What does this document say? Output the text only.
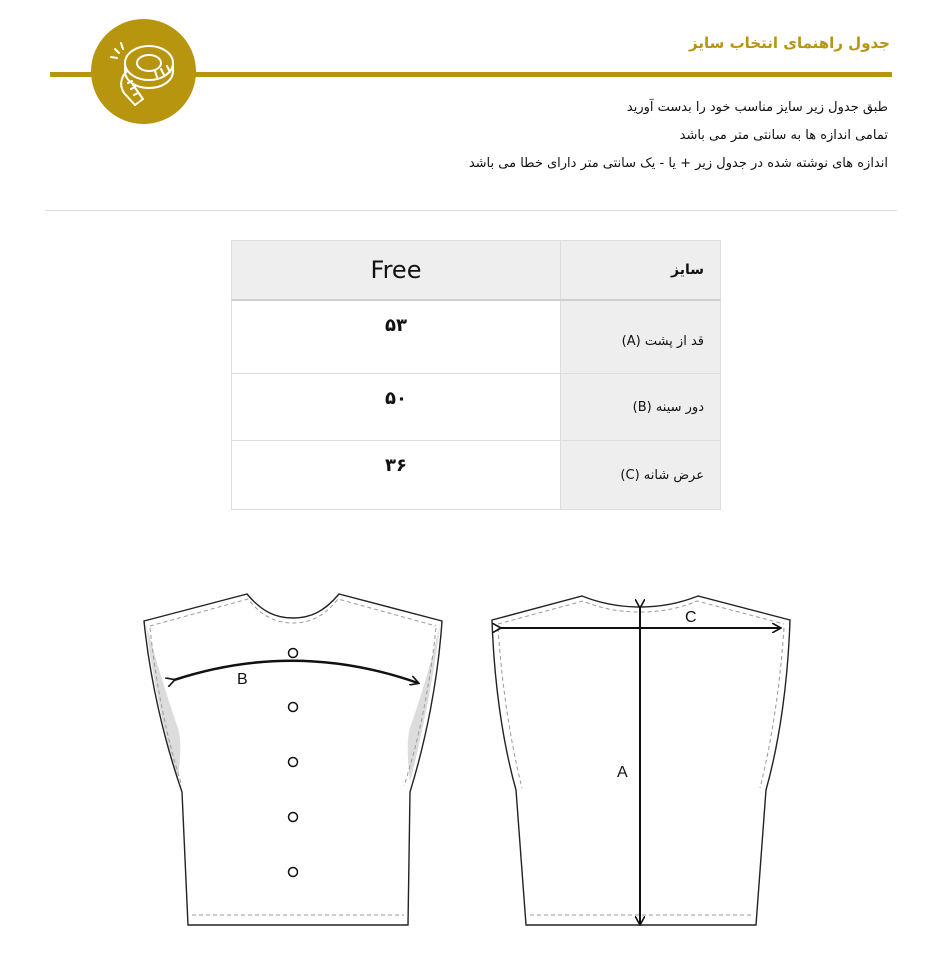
جدول راهنمای انتخاب سایز
طبق جدول زیر سایز مناسب خود را بدست آورید
تمامی اندازه ها به سانتی متر می باشد
اندازه های نوشته شده در جدول زیر + یا - یک سانتی متر دارای خطا می باشد
Free	سایز
۵۳	قد از پشت (A)
۵۰	دور سینه (B)
۳۶	عرض شانه (C)
B
C
A
